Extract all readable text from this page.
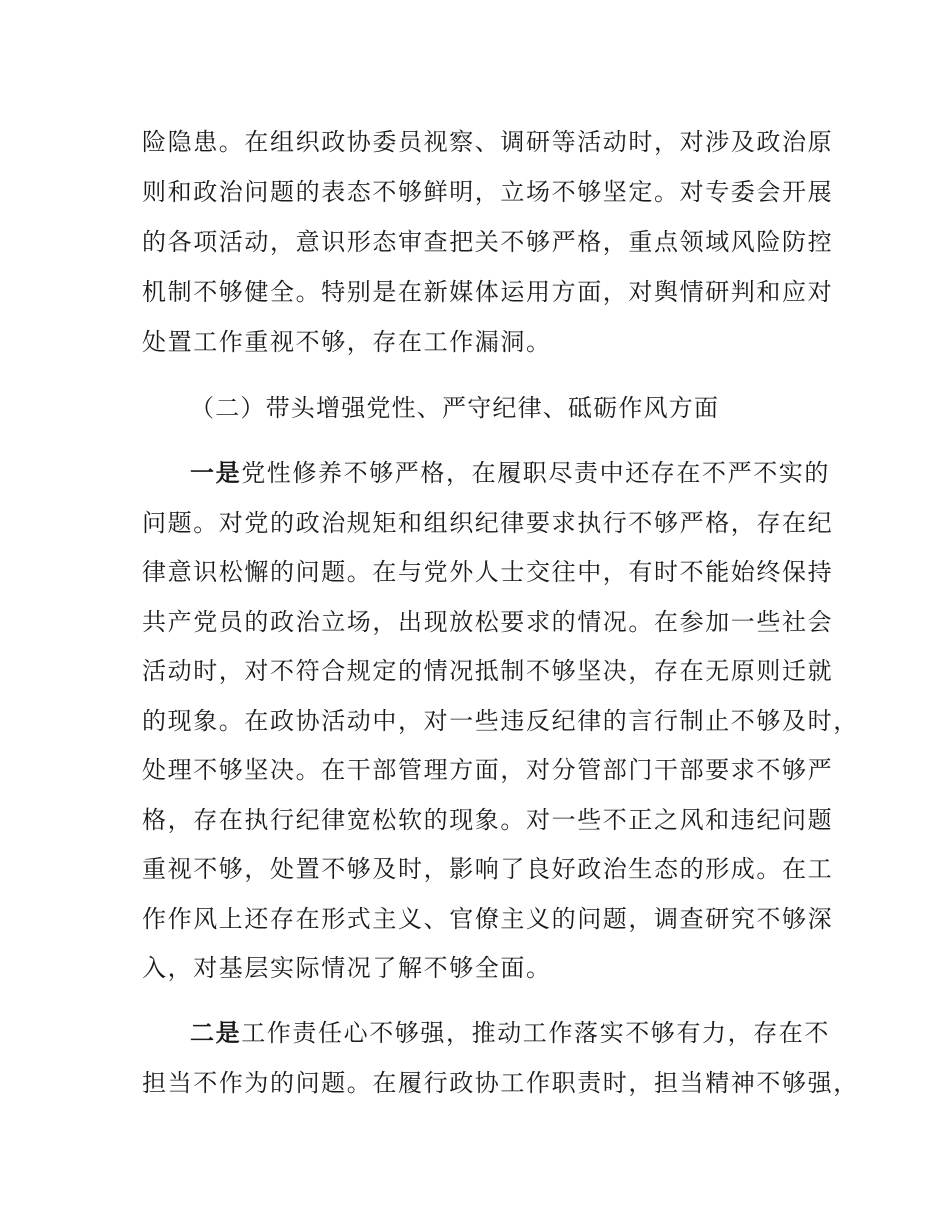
险隐患。在组织政协委员视察、调研等活动时，对涉及政治原
则和政治问题的表态不够鲜明，立场不够坚定。对专委会开展
的各项活动，意识形态审查把关不够严格，重点领域风险防控
机制不够健全。特别是在新媒体运用方面，对舆情研判和应对
处置工作重视不够，存在工作漏洞。
（二）带头增强党性、严守纪律、砥砺作风方面
一是党性修养不够严格，在履职尽责中还存在不严不实的
问题。对党的政治规矩和组织纪律要求执行不够严格，存在纪
律意识松懈的问题。在与党外人士交往中，有时不能始终保持
共产党员的政治立场，出现放松要求的情况。在参加一些社会
活动时，对不符合规定的情况抵制不够坚决，存在无原则迁就
的现象。在政协活动中，对一些违反纪律的言行制止不够及时，
处理不够坚决。在干部管理方面，对分管部门干部要求不够严
格，存在执行纪律宽松软的现象。对一些不正之风和违纪问题
重视不够，处置不够及时，影响了良好政治生态的形成。在工
作作风上还存在形式主义、官僚主义的问题，调查研究不够深
入，对基层实际情况了解不够全面。
二是工作责任心不够强，推动工作落实不够有力，存在不
担当不作为的问题。在履行政协工作职责时，担当精神不够强，
